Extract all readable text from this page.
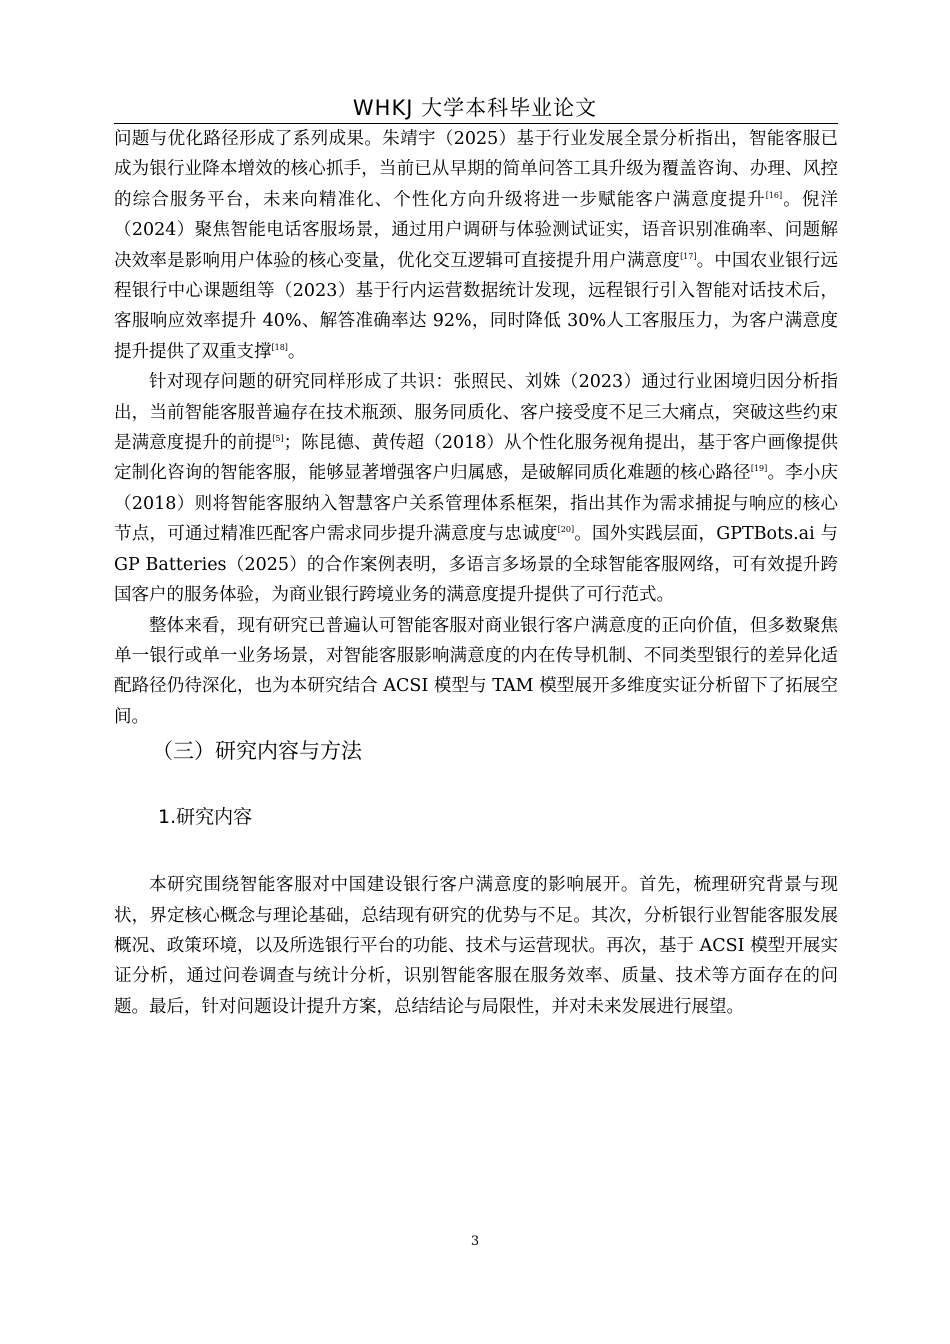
WHKJ 大学本科毕业论文

问题与优化路径形成了系列成果。朱靖宇（2025）基于行业发展全景分析指出，智能客服已成为银行业降本增效的核心抓手，当前已从早期的简单问答工具升级为覆盖咨询、办理、风控的综合服务平台，未来向精准化、个性化方向升级将进一步赋能客户满意度提升[16]。倪洋（2024）聚焦智能电话客服场景，通过用户调研与体验测试证实，语音识别准确率、问题解决效率是影响用户体验的核心变量，优化交互逻辑可直接提升用户满意度[17]。中国农业银行远程银行中心课题组等（2023）基于行内运营数据统计发现，远程银行引入智能对话技术后，客服响应效率提升 40%、解答准确率达 92%，同时降低 30%人工客服压力，为客户满意度提升提供了双重支撑[18]。

针对现存问题的研究同样形成了共识：张照民、刘姝（2023）通过行业困境归因分析指出，当前智能客服普遍存在技术瓶颈、服务同质化、客户接受度不足三大痛点，突破这些约束是满意度提升的前提[5]；陈昆德、黄传超（2018）从个性化服务视角提出，基于客户画像提供定制化咨询的智能客服，能够显著增强客户归属感，是破解同质化难题的核心路径[19]。李小庆（2018）则将智能客服纳入智慧客户关系管理体系框架，指出其作为需求捕捉与响应的核心节点，可通过精准匹配客户需求同步提升满意度与忠诚度[20]。国外实践层面，GPTBots.ai 与 GP Batteries（2025）的合作案例表明，多语言多场景的全球智能客服网络，可有效提升跨国客户的服务体验，为商业银行跨境业务的满意度提升提供了可行范式。

整体来看，现有研究已普遍认可智能客服对商业银行客户满意度的正向价值，但多数聚焦单一银行或单一业务场景，对智能客服影响满意度的内在传导机制、不同类型银行的差异化适配路径仍待深化，也为本研究结合 ACSI 模型与 TAM 模型展开多维度实证分析留下了拓展空间。

（三）研究内容与方法
1.研究内容

本研究围绕智能客服对中国建设银行客户满意度的影响展开。首先，梳理研究背景与现状，界定核心概念与理论基础，总结现有研究的优势与不足。其次，分析银行业智能客服发展概况、政策环境，以及所选银行平台的功能、技术与运营现状。再次，基于 ACSI 模型开展实证分析，通过问卷调查与统计分析，识别智能客服在服务效率、质量、技术等方面存在的问题。最后，针对问题设计提升方案，总结结论与局限性，并对未来发展进行展望。

3
